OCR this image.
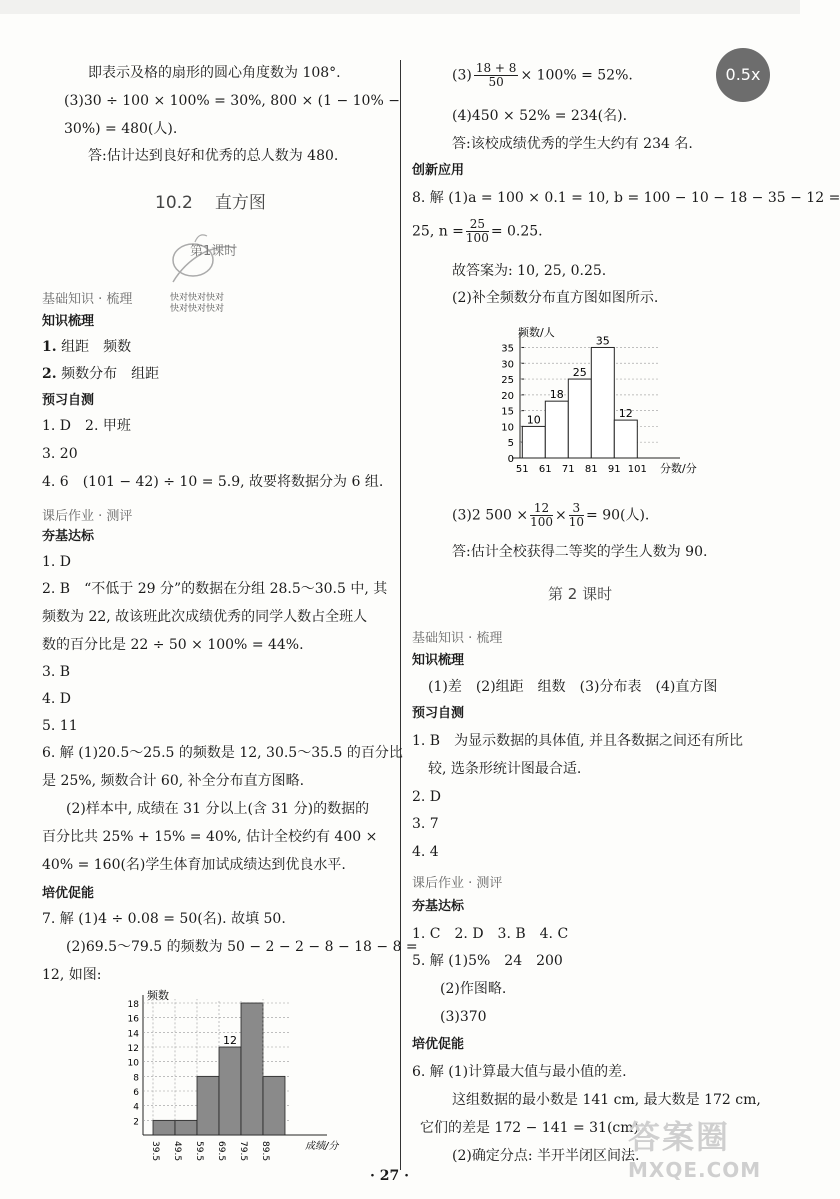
0.5x
即表示及格的扇形的圆心角度数为 108°.
(3)30 ÷ 100 × 100% = 30%, 800 × (1 − 10% −
30%) = 480(人).
答:估计达到良好和优秀的总人数为 480.
10.2 直方图
第1课时
基础知识 · 梳理	快对快对快对
快对快对快对
知识梳理
1. 组距　频数
2. 频数分布　组距
预习自测
1. D　2. 甲班
3. 20
4. 6　(101 − 42) ÷ 10 = 5.9, 故要将数据分为 6 组.
课后作业 · 测评
夯基达标
1. D
2. B　“不低于 29 分”的数据在分组 28.5～30.5 中, 其
频数为 22, 故该班此次成绩优秀的同学人数占全班人
数的百分比是 22 ÷ 50 × 100% = 44%.
3. B
4. D
5. 11
6. 解 (1)20.5～25.5 的频数是 12, 30.5～35.5 的百分比
是 25%, 频数合计 60, 补全分布直方图略.
(2)样本中, 成绩在 31 分以上(含 31 分)的数据的
百分比共 25% + 15% = 40%, 估计全校约有 400 ×
40% = 160(名)学生体育加试成绩达到优良水平.
培优促能
7. 解 (1)4 ÷ 0.08 = 50(名). 故填 50.
(2)69.5～79.5 的频数为 50 − 2 − 2 − 8 − 18 − 8 =
12, 如图:
频数
2
4
6
8
10
12
14
16
18
12
39.5 49.5 59.5 69.5 79.5 89.5	成绩/分
$(3) \frac{18 + 8}{50} \times 100\% = 52\%$.
(4)450 × 52% = 234(名).
答:该校成绩优秀的学生大约有 234 名.
创新应用
8. 解 (1)a = 100 × 0.1 = 10, b = 100 − 10 − 18 − 35 − 12 =
25, $n = \frac{25}{100} = 0.25$.
故答案为: 10, 25, 0.25.
(2)补全频数分布直方图如图所示.
频数/人
0
5
10
15
20
25
30
35
10
18
25
35
12
51 61 71 81 91 101 分数/分
(3)2 $500 \times \frac{12}{100} \times \frac{3}{10} = 90$(人).
答:估计全校获得二等奖的学生人数为 90.
第 2 课时
基础知识 · 梳理
知识梳理
(1)差　(2)组距　组数　(3)分布表　(4)直方图
预习自测
1. B　为显示数据的具体值, 并且各数据之间还有所比
较, 选条形统计图最合适.
2. D
3. 7
4. 4
课后作业 · 测评
夯基达标
1. C　2. D　3. B　4. C
5. 解 (1)5%　24　200
(2)作图略.
(3)370
培优促能
6. 解 (1)计算最大值与最小值的差.
这组数据的最小数是 141 cm, 最大数是 172 cm,
它们的差是 172 − 141 = 31(cm).
(2)确定分点: 半开半闭区间法.
答案圈
MXQE.COM
· 27 ·
